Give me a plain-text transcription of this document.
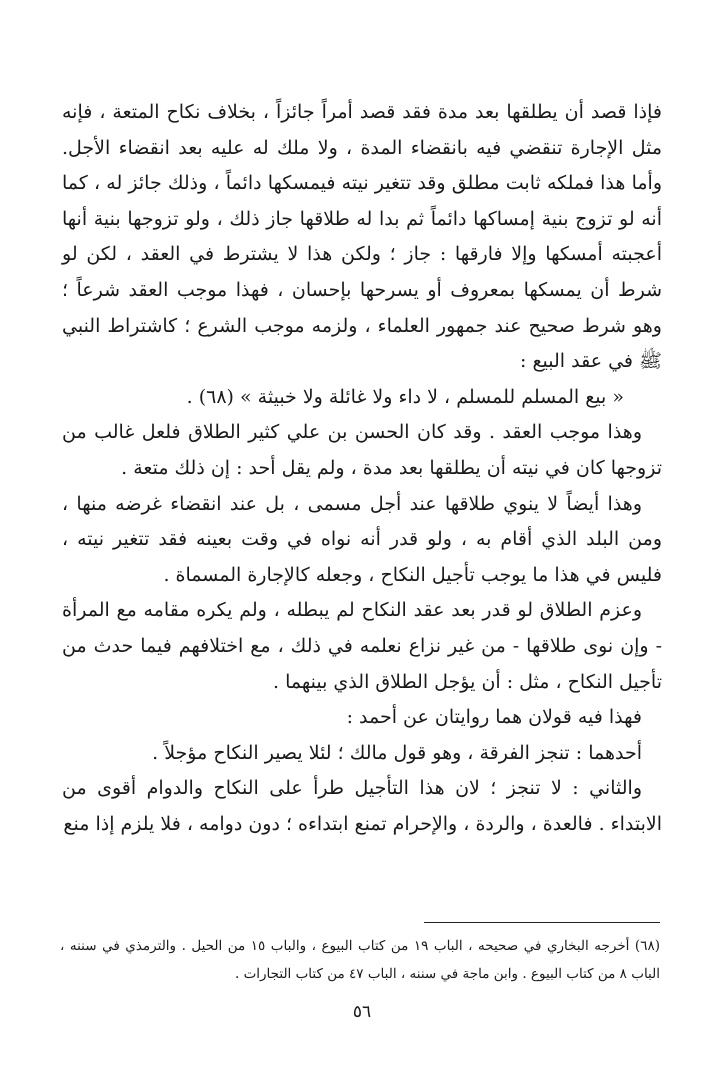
فإذا قصد أن يطلقها بعد مدة فقد قصد أمراً جائزاً ، بخلاف نكاح المتعة ، فإنه مثل الإجارة تنقضي فيه بانقضاء المدة ، ولا ملك له عليه بعد انقضاء الأجل. وأما هذا فملكه ثابت مطلق وقد تتغير نيته فيمسكها دائماً ، وذلك جائز له ، كما أنه لو تزوج بنية إمساكها دائماً ثم بدا له طلاقها جاز ذلك ، ولو تزوجها بنية أنها أعجبته أمسكها وإلا فارقها : جاز ؛ ولكن هذا لا يشترط في العقد ، لكن لو شرط أن يمسكها بمعروف أو يسرحها بإحسان ، فهذا موجب العقد شرعاً ؛ وهو شرط صحيح عند جمهور العلماء ، ولزمه موجب الشرع ؛ كاشتراط النبي ﷺ في عقد البيع :

« بيع المسلم للمسلم ، لا داء ولا غائلة ولا خبيثة » (٦٨) .

وهذا موجب العقد . وقد كان الحسن بن علي كثير الطلاق فلعل غالب من تزوجها كان في نيته أن يطلقها بعد مدة ، ولم يقل أحد : إن ذلك متعة .

وهذا أيضاً لا ينوي طلاقها عند أجل مسمى ، بل عند انقضاء غرضه منها ، ومن البلد الذي أقام به ، ولو قدر أنه نواه في وقت بعينه فقد تتغير نيته ، فليس في هذا ما يوجب تأجيل النكاح ، وجعله كالإجارة المسماة .

وعزم الطلاق لو قدر بعد عقد النكاح لم يبطله ، ولم يكره مقامه مع المرأة - وإن نوى طلاقها - من غير نزاع نعلمه في ذلك ، مع اختلافهم فيما حدث من تأجيل النكاح ، مثل : أن يؤجل الطلاق الذي بينهما .

فهذا فيه قولان هما روايتان عن أحمد :

أحدهما : تنجز الفرقة ، وهو قول مالك ؛ لئلا يصير النكاح مؤجلاً .

والثاني : لا تنجز ؛ لان هذا التأجيل طرأ على النكاح والدوام أقوى من الابتداء . فالعدة ، والردة ، والإحرام تمنع ابتداءه ؛ دون دوامه ، فلا يلزم إذا منع

(٦٨) أخرجه البخاري في صحيحه ، الباب ١٩ من كتاب البيوع ، والباب ١٥ من الحيل . والترمذي في سننه ، الباب ٨ من كتاب البيوع . وابن ماجة في سننه ، الباب ٤٧ من كتاب التجارات .

٥٦
